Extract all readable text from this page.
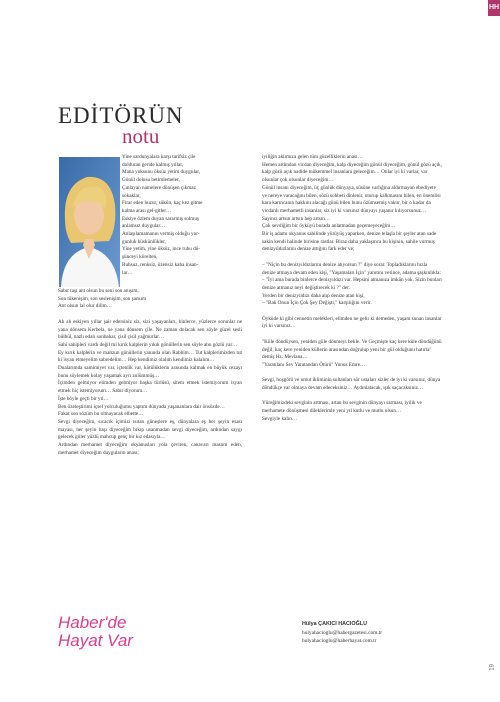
HH
EDİTÖRÜN
notu

Yine sardunyalara karşı tarifsiz çile

dolduran geride kalmış yıllar,

Mana yoksunu öksüz yetim duygular,

Gönül dolusu betimlemeler,

Çınlayan namelere dönüşen çıkmaz

sokaklar,

Firar eden huzur, sükûn, kaç kez gitme

kalma arası gel-gitler…

Eskiye özlem duyan sararmış solmuş

anlamsız duygular…

Anlaşılamamanın vermiş olduğu yor-

gunluk küskünlükler,

Yine yetim, yine öksüz, ince ruhu dü-

şünceyi körelten,

Ruhsuz, renksiz, özensiz kaba insan-

lar…

Sabır taşı ant olsun bu seni son anışım,

Son tükenişim, son seslenişim, son şansım

Ant olsun lal olur dilim…

Ah ah eskiyen yıllar şair edersiniz siz, sizi yaşayanları, binlerce, yüzlerce sorunlar ne yana dönsem Kerbela, ne yana dönsem çile. Ne zaman dolacak sen söyle güzel sesli bülbül, nazlı edalı sonbahar, çisil çisil yağmurlar…

Sahi sahipleri vardı değil mi kırık kalplerin yıkık gönüllerin sen söyle ahu gözlü yar…

Ey kırık kalplerin ve mahzun gönüllerin yanında olan Rabbim… Tut kalplerimizden tut ki isyan etmeyelim sabredelim… Hep kendimiz olalım kendimiz kalalım…

Dualarımda samimiyet var, içtenlik var, kötülüklerin arasında kalmak en büyük cezayı bunu söylemek kolay yaşamak ayrı zulümmüş…

İçimden gelmiyor elimden gelmiyor başka türlüsü, sitem etmek istemiyorum isyan etmek hiç istemiyorum… Sabır diyorum…

İşte böyle geçti bir yıl…

Ben özeleştirimi içsel yolculuğumu yaptım dünyada yaşananlara dair önsözde…

Fakat son sözüm bu olmayacak elbette…

Sevgi diyeceğim, sıcacık içimizi ısıtan güneşlere eş, dünyalara eş her şeyin esası mayası, her şeyin başı diyeceğim bıkıp usanmadan sevgi diyeceğim, ardından saygı gelecek güler yüzlü mahcup genç bir kız edasıyla…

Ardından merhamet diyeceğim okyanusları yola çeviren, canavarı masum eden, merhamet diyeceğim duyguların anası,

iyiliğin aklımıza gelen tüm güzelliklerin anası…

Hemen ardından vicdan diyeceğim, kalp diyeceğim gönül diyeceğim, gönül gözü açık, kalp gözü açık nadide mükemmel insanlara geleceğim… Onlar iyi ki varlar, var olsunlar çok olsunlar diyeceğim…

Gönül insanı diyeceğim, üç günlük dünyaya, süsüne varlığına aldırmayan ebediyete ve nereye varacağını bilen, sözü sohbeti dinlenir, oturup kalkmasını bilen, en önemlisi kara karıncanın hakkını alacağı günü bilen bunu özümsemiş vakur, bir o kadar da vicdanlı merhametli insanlar, siz iyi ki varsınız dünyayı yaşanır kılıyorsunuz… Sayınız artsın artsın hep artsın…

Çok sevdiğim bir öyküyü burada anlatmadan geçemeyeceğim…

Bir iş adamı okyanus sahilinde yürüyüş yaparken, denize telaşla bir şeyler atan sade sakin kendi halinde birisine rastlar. Biraz daha yaklaşınca bu kişinin, sahile vurmuş denizyıldızlarını denize attığını fark eder ve;

– "Niçin bu denizyıldızlarını denize atıyorsun ?" diye sorar. Topladıklarını hızla denize atmaya devam eden kişi, "Yaşamaları İçin" yanıtını verince, adama şaşkınlıkla:

– "İyi ama burada binlerce denizyıldızı var. Hepsini atmanıza imkân yok. Sizin bunları denize atmanız neyi değiştirecek ki ?" der.

Yerden bir denizyıldızı daha alıp denize atan kişi,

– "Bak Onun İçin Çok Şey Değişti," karşılığını verir.

Öyküde ki gibi cennetin melekleri, elimden ne gelir ki demeden, yaşam sunan insanlar iyi ki varsınız…

"Küle döndüysen, yeniden güle dönmeyi bekle. Ve Geçmişte kaç kere küle döndüğünü değil, kaç kere yeniden küllerin arasından doğrulup yeni bir gül olduğunu hatırla" demiş Hz. Mevlana…

"Yaratılanı Sev Yaratandan Ötürü" Yunus Emre…

Sevgi, hoşgörü ve umut ikliminin sultanları sör ustaları sizler de iyi ki varsınız, dünya döndükçe var olmaya devam edeceksiniz… Aydınlatacak, ışık saçacaksınız…

Yüreğimizdeki sevginin artması, artan bu sevginin dünyayı sarması, iyilik ve merhamete dönüşmesi dileklerimle yeni yıl kutlu ve mutlu olsun…

Sevgiyle kalın…

Haber'de
Hayat Var
Hülya ÇAKICI HACIOĞLU
hulyahacioglu@habergazetesi.com.tr
hulyahacioglu@haberhayat.com.tr
19
